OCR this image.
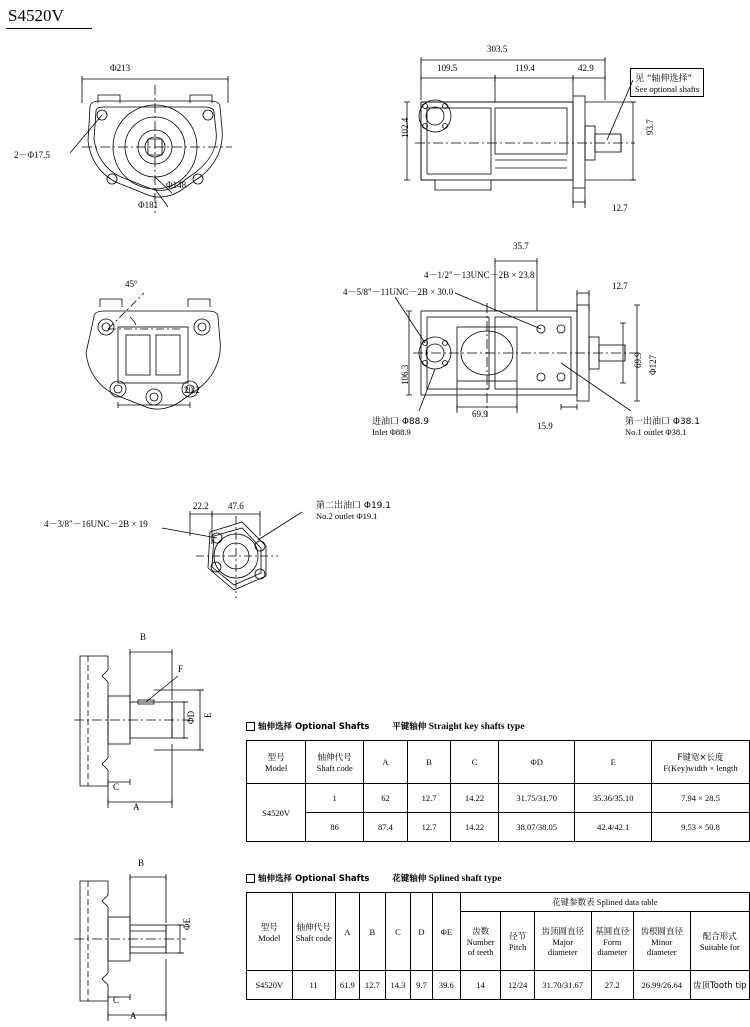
S4520V
Φ213
2－Φ17.5
Φ181
Φ148
45°
20.2
303.5
109.5	119.4	42.9
102.4	93.7
12.7
见 “轴伸选择”
See optional shafts
35.7
12.7
4－1/2"－13UNC－2B × 23.8
4－5/8"－11UNC－2B × 30.0
106.3	Φ127
69.9
69.9
15.9
进油口 Φ88.9
Inlet Φ88.9
第一出油口 Φ38.1
No.1 outlet Φ38.1
4－3/8"－16UNC－2B × 19
22.2 47.6	第二出油口 Φ19.1
No.2 outlet Φ19.1
B
F
ΦD E
C
A
B
ΦE
C
A
轴伸选择 Optional Shafts	平键轴伸 Straight key shafts type
型号
Model

轴伸代号
Shaft code
	A	B	C	ΦD	E	F键宽×长度
F(Key)width × length

S4520V	1	62	12.7	14.22	31.75/31.70	35.36/35.10	7.94 × 28.5
	86	87.4	12.7	14.22	38.07/38.05	42.4/42.1	9.53 × 50.8
轴伸选择 Optional Shafts	花键轴伸 Splined shaft type
型号
Model

轴伸代号
Shaft code
	A	B	C	D	ΦE	花键参数表 Splined data table

齿数
Number of teeth

径节
Pitch

齿顶圆直径
Major diameter

基圆直径
Form diameter

齿根圆直径
Minor diameter

配合形式
Suitable for

S4520V	11	61.9	12.7	14.3	9.7	39.6	14	12/24	31.70/31.67	27.2	26.99/26.64	齿顶Tooth tip
